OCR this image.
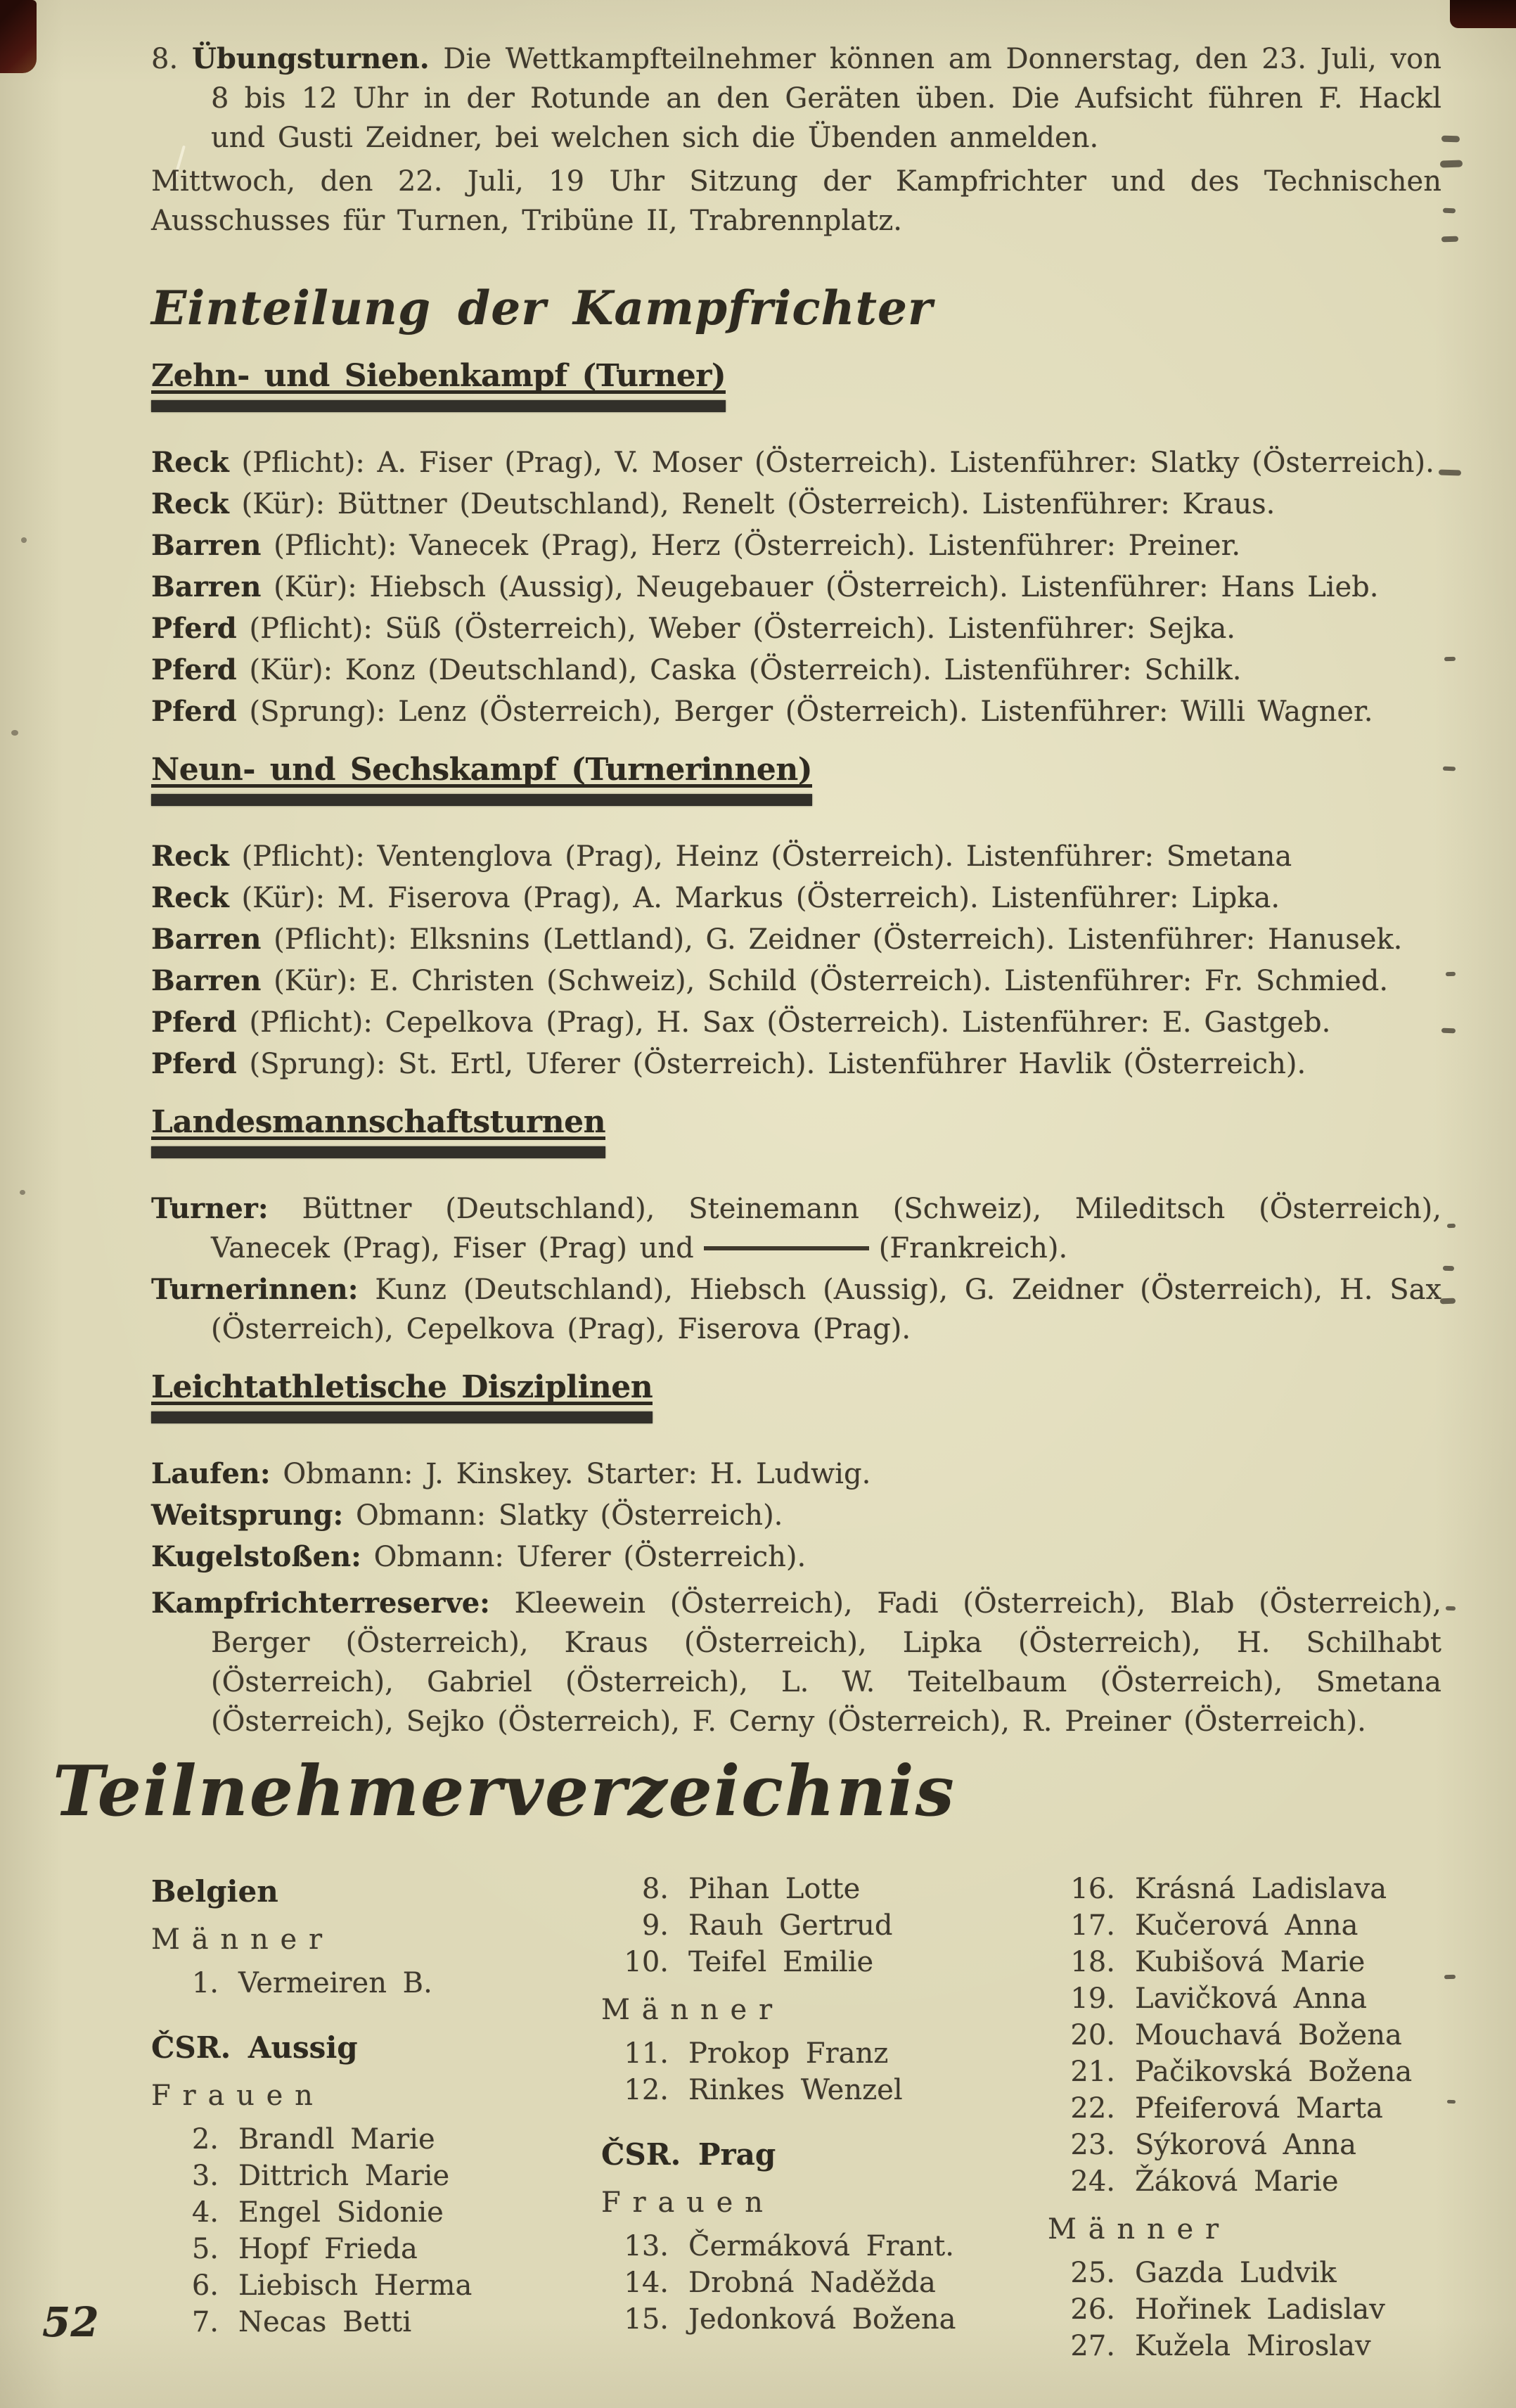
8. Übungsturnen. Die Wettkampfteilnehmer können am Donnerstag, den 23. Juli, von 8 bis 12 Uhr in der Rotunde an den Geräten üben. Die Aufsicht führen F. Hackl und Gusti Zeidner, bei welchen sich die Übenden anmelden.
Mittwoch, den 22. Juli, 19 Uhr Sitzung der Kampfrichter und des Technischen Ausschusses für Turnen, Tribüne II, Trabrennplatz.
Einteilung der Kampfrichter
Zehn- und Siebenkampf (Turner)
Reck (Pflicht): A. Fiser (Prag), V. Moser (Österreich). Listenführer: Slatky (Österreich).
Reck (Kür): Büttner (Deutschland), Renelt (Österreich). Listenführer: Kraus.
Barren (Pflicht): Vanecek (Prag), Herz (Österreich). Listenführer: Preiner.
Barren (Kür): Hiebsch (Aussig), Neugebauer (Österreich). Listenführer: Hans Lieb.
Pferd (Pflicht): Süß (Österreich), Weber (Österreich). Listenführer: Sejka.
Pferd (Kür): Konz (Deutschland), Caska (Österreich). Listenführer: Schilk.
Pferd (Sprung): Lenz (Österreich), Berger (Österreich). Listenführer: Willi Wagner.
Neun- und Sechskampf (Turnerinnen)
Reck (Pflicht): Ventenglova (Prag), Heinz (Österreich). Listenführer: Smetana
Reck (Kür): M. Fiserova (Prag), A. Markus (Österreich). Listenführer: Lipka.
Barren (Pflicht): Elksnins (Lettland), G. Zeidner (Österreich). Listenführer: Hanusek.
Barren (Kür): E. Christen (Schweiz), Schild (Österreich). Listenführer: Fr. Schmied.
Pferd (Pflicht): Cepelkova (Prag), H. Sax (Österreich). Listenführer: E. Gastgeb.
Pferd (Sprung): St. Ertl, Uferer (Österreich). Listenführer Havlik (Österreich).
Landesmannschaftsturnen
Turner: Büttner (Deutschland), Steinemann (Schweiz), Mileditsch (Österreich), Vanecek (Prag), Fiser (Prag) und	(Frankreich).
Turnerinnen: Kunz (Deutschland), Hiebsch (Aussig), G. Zeidner (Österreich), H. Sax (Österreich), Cepelkova (Prag), Fiserova (Prag).
Leichtathletische Disziplinen
Laufen: Obmann: J. Kinskey. Starter: H. Ludwig.
Weitsprung: Obmann: Slatky (Österreich).
Kugelstoßen: Obmann: Uferer (Österreich).
Kampfrichterreserve: Kleewein (Österreich), Fadi (Österreich), Blab (Österreich), Berger (Österreich), Kraus (Österreich), Lipka (Österreich), H. Schilhabt (Österreich), Gabriel (Österreich), L. W. Teitelbaum (Österreich), Smetana (Österreich), Sejko (Österreich), F. Cerny (Österreich), R. Preiner (Österreich).
Teilnehmerverzeichnis
Belgien
Männer
1. Vermeiren B.
ČSR. Aussig
Frauen
2. Brandl Marie
3. Dittrich Marie
4. Engel Sidonie
5. Hopf Frieda
6. Liebisch Herma
7. Necas Betti
8. Pihan Lotte
9. Rauh Gertrud
10. Teifel Emilie
Männer
11. Prokop Franz
12. Rinkes Wenzel
ČSR. Prag
Frauen
13. Čermáková Frant.
14. Drobná Naděžda
15. Jedonková Božena
16. Krásná Ladislava
17. Kučerová Anna
18. Kubišová Marie
19. Lavičková Anna
20. Mouchavá Božena
21. Pačikovská Božena
22. Pfeiferová Marta
23. Sýkorová Anna
24. Žáková Marie
Männer
25. Gazda Ludvik
26. Hořinek Ladislav
27. Kužela Miroslav
52
